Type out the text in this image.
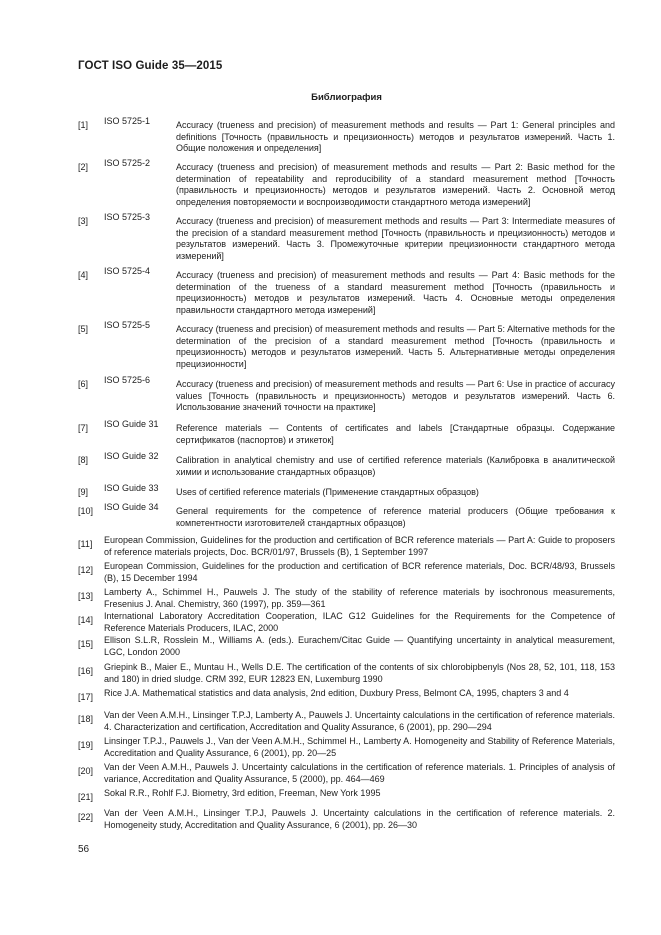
ГОСТ ISO Guide 35—2015
Библиография
[1] ISO 5725-1	Accuracy (trueness and precision) of measurement methods and results — Part 1: General principles and definitions [Точность (правильность и прецизионность) методов и результатов измерений. Часть 1. Общие положения и определения]
[2] ISO 5725-2	Accuracy (trueness and precision) of measurement methods and results — Part 2: Basic method for the determination of repeatability and reproducibility of a standard measurement method [Точность (правильность и прецизионность) методов и результатов измерений. Часть 2. Основной метод определения повторяемости и воспроизводимости стандартного метода измерений]
[3] ISO 5725-3	Accuracy (trueness and precision) of measurement methods and results — Part 3: Intermediate measures of the precision of a standard measurement method [Точность (правильность и прецизионность) методов и результатов измерений. Часть 3. Промежуточные критерии прецизионности стандартного метода измерений]
[4] ISO 5725-4	Accuracy (trueness and precision) of measurement methods and results — Part 4: Basic methods for the determination of the trueness of a standard measurement method [Точность (правильность и прецизионность) методов и результатов измерений. Часть 4. Основные методы определения правильности стандартного метода измерений]
[5] ISO 5725-5	Accuracy (trueness and precision) of measurement methods and results — Part 5: Alternative methods for the determination of the precision of a standard measurement method [Точность (правильность и прецизионность) методов и результатов измерений. Часть 5. Альтернативные методы определения прецизионности]
[6] ISO 5725-6	Accuracy (trueness and precision) of measurement methods and results — Part 6: Use in practice of accuracy values [Точность (правильность и прецизионность) методов и результатов измерений. Часть 6. Использование значений точности на практике]
[7] ISO Guide 31 Reference materials — Contents of certificates and labels [Стандартные образцы. Содержание сертификатов (паспортов) и этикеток]
[8] ISO Guide 32 Calibration in analytical chemistry and use of certified reference materials (Калибровка в аналитической химии и использование стандартных образцов)
[9] ISO Guide 33 Uses of certified reference materials (Применение стандартных образцов)
[10] ISO Guide 34 General requirements for the competence of reference material producers (Общие требования к компетентности изготовителей стандартных образцов)
[11] European Commission, Guidelines for the production and certification of BCR reference materials — Part A: Guide to proposers of reference materials projects, Doc. BCR/01/97, Brussels (B), 1 September 1997
[12] European Commission, Guidelines for the production and certification of BCR reference materials, Doc. BCR/48/93, Brussels (B), 15 December 1994
[13] Lamberty A., Schimmel H., Pauwels J. The study of the stability of reference materials by isochronous measurements, Fresenius J. Anal. Chemistry, 360 (1997), pp. 359—361
[14] International Laboratory Accreditation Cooperation, ILAC G12 Guidelines for the Requirements for the Competence of Reference Materials Producers, ILAC, 2000
[15] Ellison S.L.R, Rosslein M., Williams A. (eds.). Eurachem/Citac Guide — Quantifying uncertainty in analytical measurement, LGC, London 2000
[16] Griepink B., Maier E., Muntau H., Wells D.E. The certification of the contents of six chlorobipbenyls (Nos 28, 52, 101, 118, 153 and 180) in dried sludge. CRM 392, EUR 12823 EN, Luxemburg 1990
[17] Rice J.A. Mathematical statistics and data analysis, 2nd edition, Duxbury Press, Belmont CA, 1995, chapters 3 and 4
[18] Van der Veen A.M.H., Linsinger T.P.J, Lamberty A., Pauwels J. Uncertainty calculations in the certification of reference materials. 4. Characterization and certification, Accreditation and Quality Assurance, 6 (2001), pp. 290—294
[19] Linsinger T.P.J., Pauwels J., Van der Veen A.M.H., Schimmel H., Lamberty A. Homogeneity and Stability of Reference Materials, Accreditation and Quality Assurance, 6 (2001), pp. 20—25
[20] Van der Veen A.M.H., Pauwels J. Uncertainty calculations in the certification of reference materials. 1. Principles of analysis of variance, Accreditation and Quality Assurance, 5 (2000), pp. 464—469
[21] Sokal R.R., Rohlf F.J. Biometry, 3rd edition, Freeman, New York 1995
[22] Van der Veen A.M.H., Linsinger T.P.J, Pauwels J. Uncertainty calculations in the certification of reference materials. 2. Homogeneity study, Accreditation and Quality Assurance, 6 (2001), pp. 26—30
56
